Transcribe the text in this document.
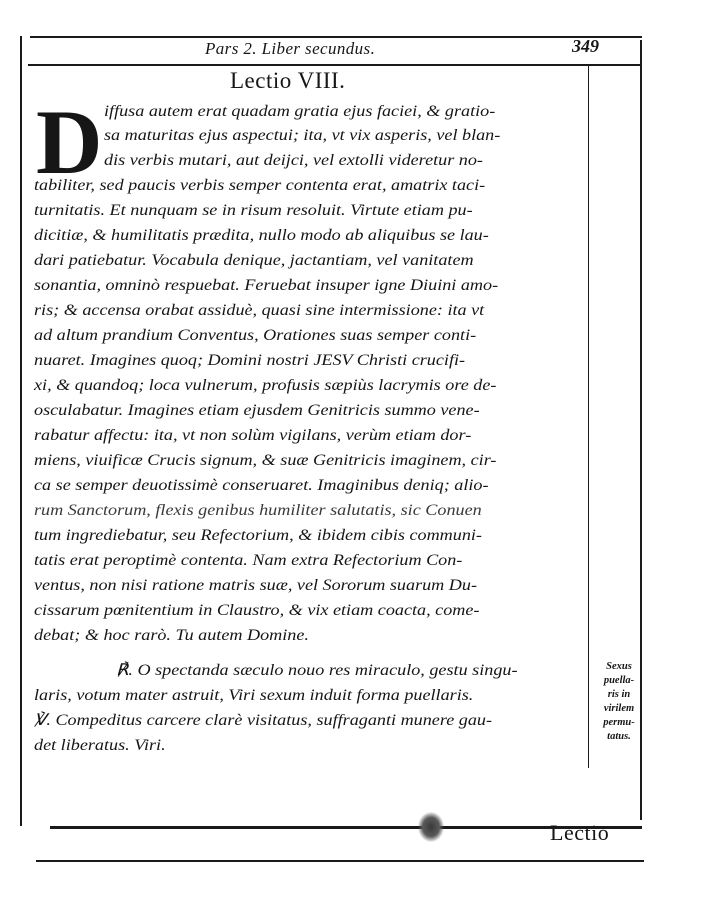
Pars 2. Liber secundus.	349
Lectio VIII.
D iffusa autem erat quadam gratia ejus faciei, & gratio-
sa maturitas ejus aspectui; ita, vt vix asperis, vel blan-
dis verbis mutari, aut deijci, vel extolli videretur no-
tabiliter, sed paucis verbis semper contenta erat, amatrix taci-
turnitatis. Et nunquam se in risum resoluit. Virtute etiam pu-
dicitiæ, & humilitatis prædita, nullo modo ab aliquibus se lau-
dari patiebatur. Vocabula denique, jactantiam, vel vanitatem
sonantia, omninò respuebat. Feruebat insuper igne Diuini amo-
ris; & accensa orabat assiduè, quasi sine intermissione: ita vt
ad altum prandium Conventus, Orationes suas semper conti-
nuaret. Imagines quoq; Domini nostri JESV Christi crucifi-
xi, & quandoq; loca vulnerum, profusis sæpiùs lacrymis ore de-
osculabatur. Imagines etiam ejusdem Genitricis summo vene-
rabatur affectu: ita, vt non solùm vigilans, verùm etiam dor-
miens, viuificæ Crucis signum, & suæ Genitricis imaginem, cir-
ca se semper deuotissimè conseruaret. Imaginibus deniq; alio-
rum Sanctorum, flexis genibus humiliter salutatis, sic Conuen
tum ingrediebatur, seu Refectorium, & ibidem cibis communi-
tatis erat peroptimè contenta. Nam extra Refectorium Con-
ventus, non nisi ratione matris suæ, vel Sororum suarum Du-
cissarum pœnitentium in Claustro, & vix etiam coacta, come-
debat; & hoc rarò. Tu autem Domine.
℟. O spectanda sæculo nouo res miraculo, gestu singu-
laris, votum mater astruit, Viri sexum induit forma puellaris.
℣. Compeditus carcere clarè visitatus, suffraganti munere gau-
det liberatus. Viri.
Sexus
puella-
ris in
virilem
permu-
tatus.
Lectio
